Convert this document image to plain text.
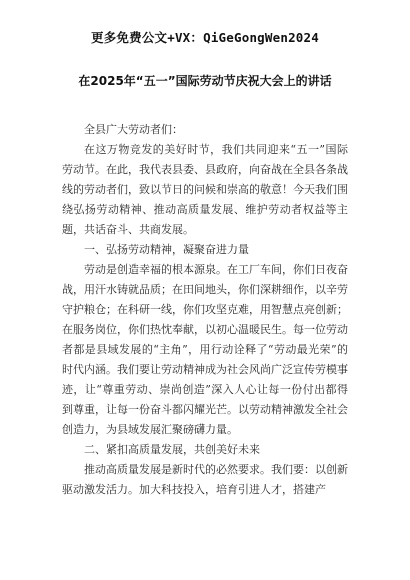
更多免费公文+VX：QiGeGongWen2024
在2025年“五一”国际劳动节庆祝大会上的讲话

全县广大劳动者们：

在这万物竞发的美好时节，我们共同迎来“五一”国际劳动节。在此，我代表县委、县政府，向奋战在全县各条战线的劳动者们，致以节日的问候和崇高的敬意！今天我们围绕弘扬劳动精神、推动高质量发展、维护劳动者权益等主题，共话奋斗、共商发展。

一、弘扬劳动精神，凝聚奋进力量

劳动是创造幸福的根本源泉。在工厂车间，你们日夜奋战，用汗水铸就品质；在田间地头，你们深耕细作，以辛劳守护粮仓；在科研一线，你们攻坚克难，用智慧点亮创新；在服务岗位，你们热忱奉献，以初心温暖民生。每一位劳动者都是县域发展的“主角”，用行动诠释了“劳动最光荣”的时代内涵。我们要让劳动精神成为社会风尚广泛宣传劳模事迹，让“尊重劳动、崇尚创造”深入人心让每一份付出都得到尊重，让每一份奋斗都闪耀光芒。以劳动精神激发全社会创造力，为县域发展汇聚磅礴力量。

二、紧扣高质量发展，共创美好未来

推动高质量发展是新时代的必然要求。我们要：以创新驱动激发活力。加大科技投入，培育引进人才，搭建产
